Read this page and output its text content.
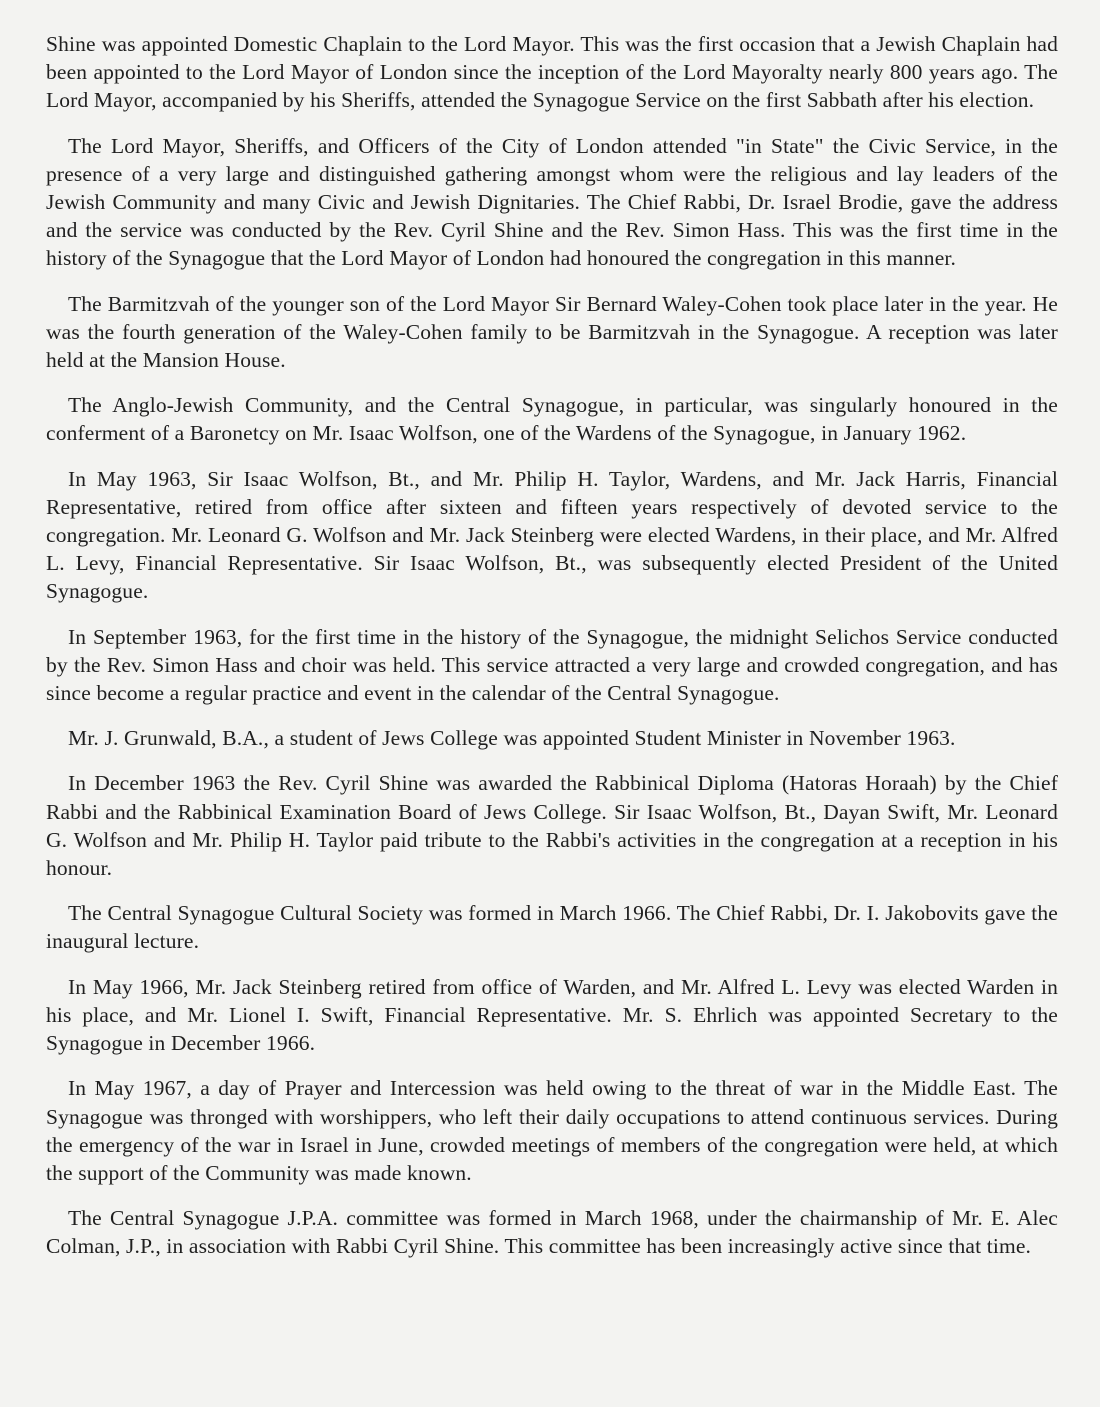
Shine was appointed Domestic Chaplain to the Lord Mayor. This was the first occasion that a Jewish Chaplain had been appointed to the Lord Mayor of London since the inception of the Lord Mayoralty nearly 800 years ago. The Lord Mayor, accompanied by his Sheriffs, attended the Synagogue Service on the first Sabbath after his election.

The Lord Mayor, Sheriffs, and Officers of the City of London attended "in State" the Civic Service, in the presence of a very large and distinguished gathering amongst whom were the religious and lay leaders of the Jewish Community and many Civic and Jewish Dignitaries. The Chief Rabbi, Dr. Israel Brodie, gave the address and the service was conducted by the Rev. Cyril Shine and the Rev. Simon Hass. This was the first time in the history of the Synagogue that the Lord Mayor of London had honoured the congregation in this manner.

The Barmitzvah of the younger son of the Lord Mayor Sir Bernard Waley-Cohen took place later in the year. He was the fourth generation of the Waley-Cohen family to be Barmitzvah in the Synagogue. A reception was later held at the Mansion House.

The Anglo-Jewish Community, and the Central Synagogue, in particular, was singularly honoured in the conferment of a Baronetcy on Mr. Isaac Wolfson, one of the Wardens of the Synagogue, in January 1962.

In May 1963, Sir Isaac Wolfson, Bt., and Mr. Philip H. Taylor, Wardens, and Mr. Jack Harris, Financial Representative, retired from office after sixteen and fifteen years respectively of devoted service to the congregation. Mr. Leonard G. Wolfson and Mr. Jack Steinberg were elected Wardens, in their place, and Mr. Alfred L. Levy, Financial Representative. Sir Isaac Wolfson, Bt., was subsequently elected President of the United Synagogue.

In September 1963, for the first time in the history of the Synagogue, the midnight Selichos Service conducted by the Rev. Simon Hass and choir was held. This service attracted a very large and crowded congregation, and has since become a regular practice and event in the calendar of the Central Synagogue.

Mr. J. Grunwald, B.A., a student of Jews College was appointed Student Minister in November 1963.

In December 1963 the Rev. Cyril Shine was awarded the Rabbinical Diploma (Hatoras Horaah) by the Chief Rabbi and the Rabbinical Examination Board of Jews College. Sir Isaac Wolfson, Bt., Dayan Swift, Mr. Leonard G. Wolfson and Mr. Philip H. Taylor paid tribute to the Rabbi's activities in the congregation at a reception in his honour.

The Central Synagogue Cultural Society was formed in March 1966. The Chief Rabbi, Dr. I. Jakobovits gave the inaugural lecture.

In May 1966, Mr. Jack Steinberg retired from office of Warden, and Mr. Alfred L. Levy was elected Warden in his place, and Mr. Lionel I. Swift, Financial Representative. Mr. S. Ehrlich was appointed Secretary to the Synagogue in December 1966.

In May 1967, a day of Prayer and Intercession was held owing to the threat of war in the Middle East. The Synagogue was thronged with worshippers, who left their daily occupations to attend continuous services. During the emergency of the war in Israel in June, crowded meetings of members of the congregation were held, at which the support of the Community was made known.

The Central Synagogue J.P.A. committee was formed in March 1968, under the chairmanship of Mr. E. Alec Colman, J.P., in association with Rabbi Cyril Shine. This committee has been increasingly active since that time.
